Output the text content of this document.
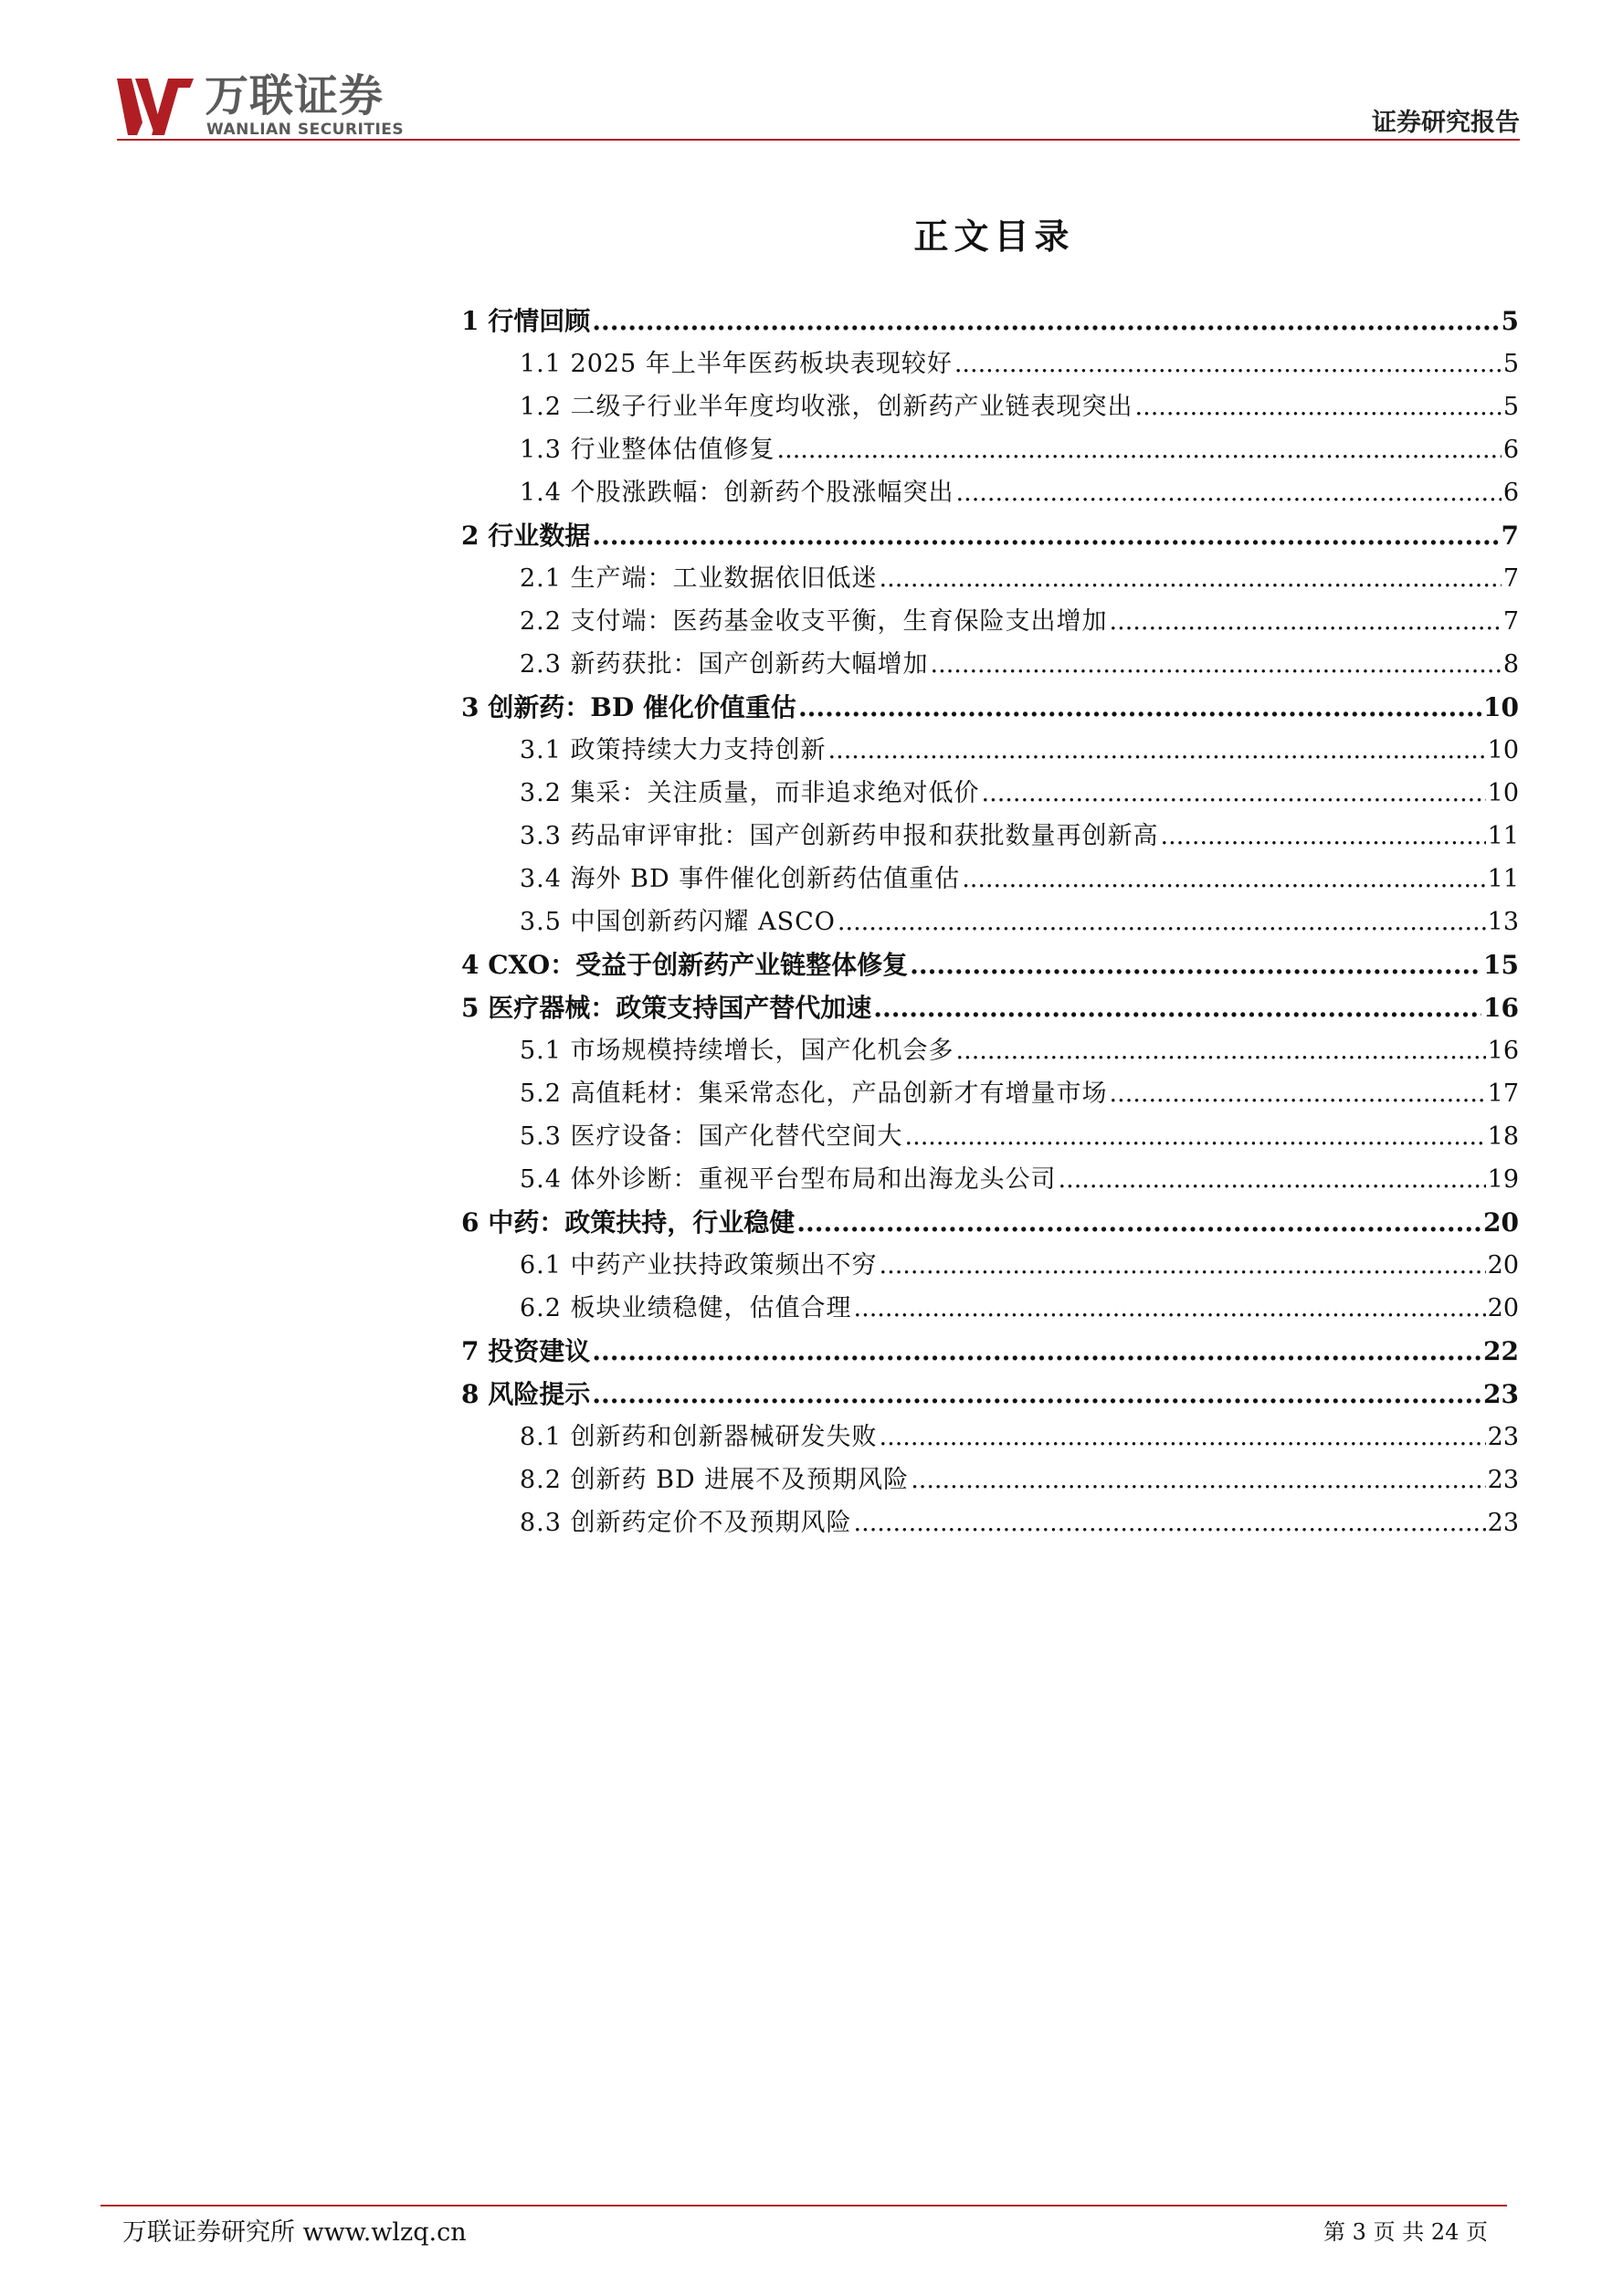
万联证券
WANLIAN SECURITIES	证券研究报告
正文目录
1 行情回顾 .....	5
1.1 2025 年上半年医药板块表现较好 .....	5
1.2 二级子行业半年度均收涨，创新药产业链表现突出 .....	5
1.3 行业整体估值修复 .....	6
1.4 个股涨跌幅：创新药个股涨幅突出 .....	6
2 行业数据 .....	7
2.1 生产端：工业数据依旧低迷 .....	7
2.2 支付端：医药基金收支平衡，生育保险支出增加 .....	7
2.3 新药获批：国产创新药大幅增加 .....	8
3 创新药：BD 催化价值重估 .....	10
3.1 政策持续大力支持创新 .....	10
3.2 集采：关注质量，而非追求绝对低价 .....	10
3.3 药品审评审批：国产创新药申报和获批数量再创新高 .....	11
3.4 海外 BD 事件催化创新药估值重估 .....	11
3.5 中国创新药闪耀 ASCO .....	13
4 CXO：受益于创新药产业链整体修复 .....	15
5 医疗器械：政策支持国产替代加速 .....	16
5.1 市场规模持续增长，国产化机会多 .....	16
5.2 高值耗材：集采常态化，产品创新才有增量市场 .....	17
5.3 医疗设备：国产化替代空间大 .....	18
5.4 体外诊断：重视平台型布局和出海龙头公司 .....	19
6 中药：政策扶持，行业稳健 .....	20
6.1 中药产业扶持政策频出不穷 .....	20
6.2 板块业绩稳健，估值合理 .....	20
7 投资建议 .....	22
8 风险提示 .....	23
8.1 创新药和创新器械研发失败 .....	23
8.2 创新药 BD 进展不及预期风险 .....	23
8.3 创新药定价不及预期风险 .....	23
万联证券研究所 www.wlzq.cn	第 3 页 共 24 页
